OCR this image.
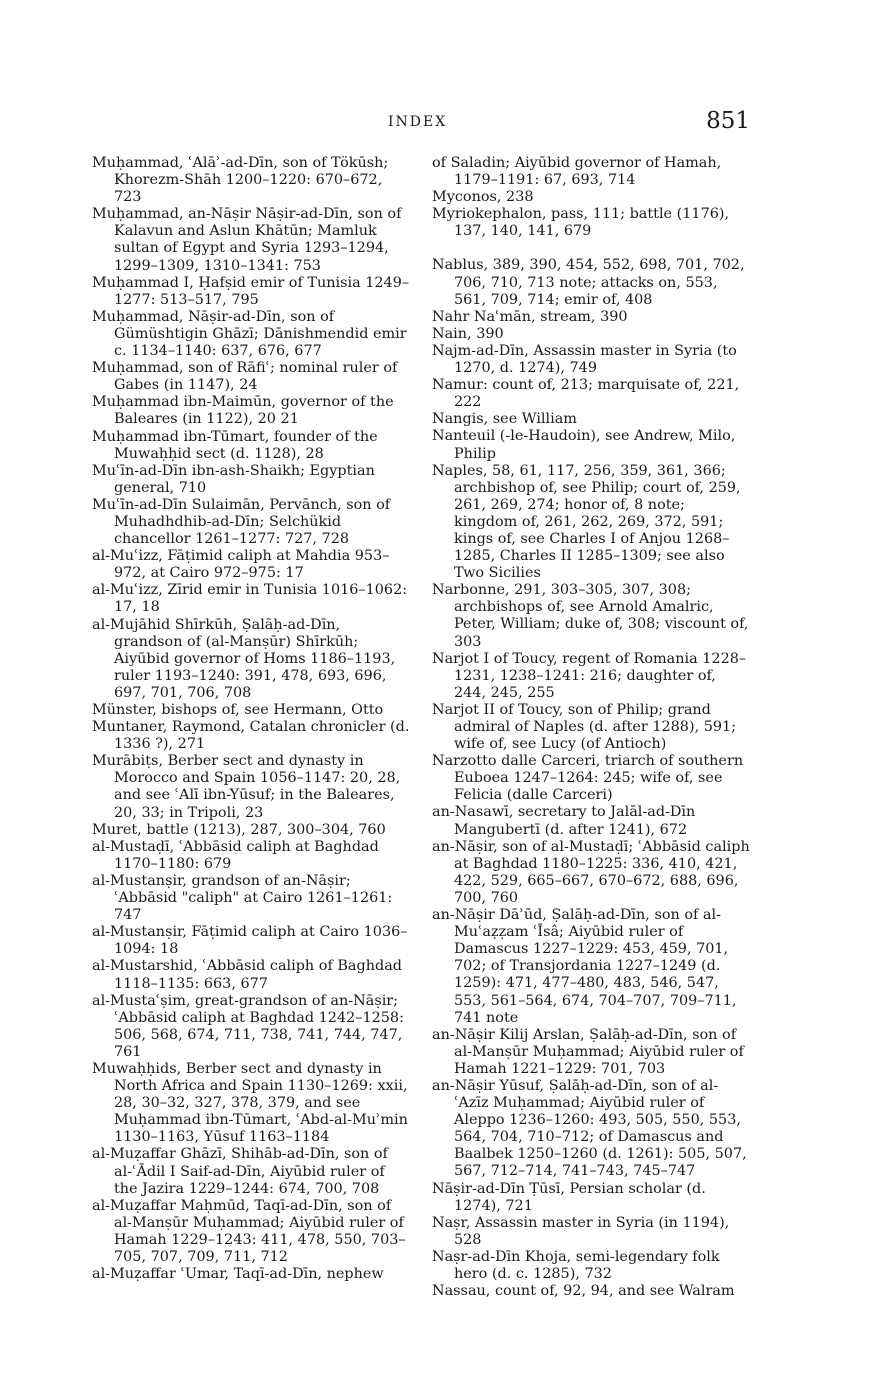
INDEX	851

Muḥammad, ʿAlāʾ-ad-Dīn, son of Tökūsh; Khorezm-Shāh 1200–1220: 670–672, 723

Muḥammad, an-Nāṣir Nāṣir-ad-Dīn, son of Kalavun and Aslun Khātūn; Mamluk sultan of Egypt and Syria 1293–1294, 1299–1309, 1310–1341: 753

Muḥammad I, Ḥafṣid emir of Tunisia 1249–1277: 513–517, 795

Muḥammad, Nāṣir-ad-Dīn, son of Gümüshtigin Ghāzī; Dānishmendid emir c. 1134–1140: 637, 676, 677

Muḥammad, son of Rāfiʿ; nominal ruler of Gabes (in 1147), 24

Muḥammad ibn-Maimūn, governor of the Baleares (in 1122), 20 21

Muḥammad ibn-Tūmart, founder of the Muwaḥḥid sect (d. 1128), 28

Muʿīn-ad-Dīn ibn-ash-Shaikh; Egyptian general, 710

Muʿīn-ad-Dīn Sulaimān, Pervānch, son of Muhadhdhib-ad-Dīn; Selchükid chancellor 1261–1277: 727, 728

al-Muʿizz, Fāṭimid caliph at Mahdia 953–972, at Cairo 972–975: 17

al-Muʿizz, Zīrid emir in Tunisia 1016–1062: 17, 18

al-Mujāhid Shīrkūh, Ṣalāḥ-ad-Dīn, grandson of (al-Manṣūr) Shīrkūh; Aiyūbid governor of Homs 1186–1193, ruler 1193–1240: 391, 478, 693, 696, 697, 701, 706, 708

Münster, bishops of, see Hermann, Otto

Muntaner, Raymond, Catalan chronicler (d. 1336 ?), 271

Murābiṭs, Berber sect and dynasty in Morocco and Spain 1056–1147: 20, 28, and see ʿAlī ibn-Yūsuf; in the Baleares, 20, 33; in Tripoli, 23

Muret, battle (1213), 287, 300–304, 760

al-Mustaḍī, ʿAbbāsid caliph at Baghdad 1170–1180: 679

al-Mustanṣir, grandson of an-Nāṣir; ʿAbbāsid "caliph" at Cairo 1261–1261: 747

al-Mustanṣir, Fāṭimid caliph at Cairo 1036–1094: 18

al-Mustarshid, ʿAbbāsid caliph of Baghdad 1118–1135: 663, 677

al-Mustaʿṣim, great-grandson of an-Nāṣir; ʿAbbāsid caliph at Baghdad 1242–1258: 506, 568, 674, 711, 738, 741, 744, 747, 761

Muwaḥḥids, Berber sect and dynasty in North Africa and Spain 1130–1269: xxii, 28, 30–32, 327, 378, 379, and see Muḥammad ibn-Tūmart, ʿAbd-al-Muʾmin 1130–1163, Yūsuf 1163–1184

al-Muẓaffar Ghāzī, Shihāb-ad-Dīn, son of al-ʿĀdil I Saif-ad-Dīn, Aiyūbid ruler of the Jazira 1229–1244: 674, 700, 708

al-Muẓaffar Maḥmūd, Taqī-ad-Dīn, son of al-Manṣūr Muḥammad; Aiyūbid ruler of Hamah 1229–1243: 411, 478, 550, 703–705, 707, 709, 711, 712

al-Muẓaffar ʿUmar, Taqī-ad-Dīn, nephew

of Saladin; Aiyūbid governor of Hamah, 1179–1191: 67, 693, 714

Myconos, 238

Myriokephalon, pass, 111; battle (1176), 137, 140, 141, 679

Nablus, 389, 390, 454, 552, 698, 701, 702, 706, 710, 713 note; attacks on, 553, 561, 709, 714; emir of, 408

Nahr Naʿmān, stream, 390

Nain, 390

Najm-ad-Dīn, Assassin master in Syria (to 1270, d. 1274), 749

Namur: count of, 213; marquisate of, 221, 222

Nangis, see William

Nanteuil (-le-Haudoin), see Andrew, Milo, Philip

Naples, 58, 61, 117, 256, 359, 361, 366; archbishop of, see Philip; court of, 259, 261, 269, 274; honor of, 8 note; kingdom of, 261, 262, 269, 372, 591; kings of, see Charles I of Anjou 1268–1285, Charles II 1285–1309; see also Two Sicilies

Narbonne, 291, 303–305, 307, 308; archbishops of, see Arnold Amalric, Peter, William; duke of, 308; viscount of, 303

Narjot I of Toucy, regent of Romania 1228–1231, 1238–1241: 216; daughter of, 244, 245, 255

Narjot II of Toucy, son of Philip; grand admiral of Naples (d. after 1288), 591; wife of, see Lucy (of Antioch)

Narzotto dalle Carceri, triarch of southern Euboea 1247–1264: 245; wife of, see Felicia (dalle Carceri)

an-Nasawī, secretary to Jalāl-ad-Dīn Mangubertī (d. after 1241), 672

an-Nāṣir, son of al-Mustaḍī; ʿAbbāsid caliph at Baghdad 1180–1225: 336, 410, 421, 422, 529, 665–667, 670–672, 688, 696, 700, 760

an-Nāṣir Dāʾūd, Ṣalāḥ-ad-Dīn, son of al-Muʿaẓẓam ʿĪsâ; Aiyūbid ruler of Damascus 1227–1229: 453, 459, 701, 702; of Transjordania 1227–1249 (d. 1259): 471, 477–480, 483, 546, 547, 553, 561–564, 674, 704–707, 709–711, 741 note

an-Nāṣir Kilij Arslan, Ṣalāḥ-ad-Dīn, son of al-Manṣūr Muḥammad; Aiyūbid ruler of Hamah 1221–1229: 701, 703

an-Nāṣir Yūsuf, Ṣalāḥ-ad-Dīn, son of al-ʿAzīz Muḥammad; Aiyūbid ruler of Aleppo 1236–1260: 493, 505, 550, 553, 564, 704, 710–712; of Damascus and Baalbek 1250–1260 (d. 1261): 505, 507, 567, 712–714, 741–743, 745–747

Nāṣir-ad-Dīn Ṭūsī, Persian scholar (d. 1274), 721

Naṣr, Assassin master in Syria (in 1194), 528

Naṣr-ad-Dīn Khoja, semi-legendary folk hero (d. c. 1285), 732

Nassau, count of, 92, 94, and see Walram
